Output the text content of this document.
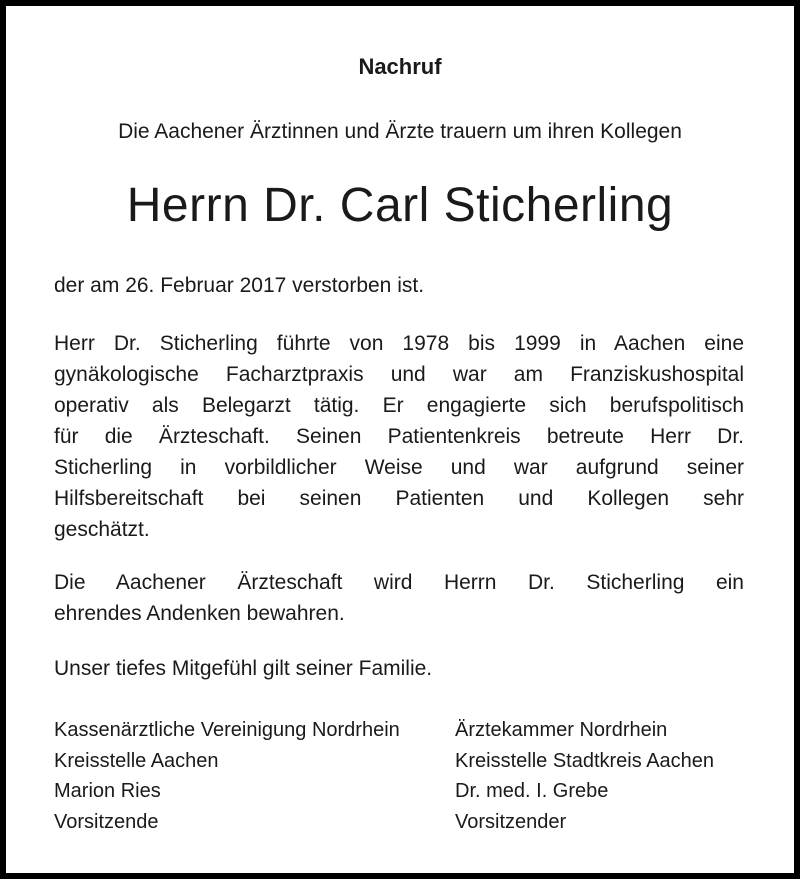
Nachruf
Die Aachener Ärztinnen und Ärzte trauern um ihren Kollegen
Herrn Dr. Carl Sticherling
der am 26. Februar 2017 verstorben ist.
Herr Dr. Sticherling führte von 1978 bis 1999 in Aachen eine
gynäkologische Facharztpraxis und war am Franziskushospital
operativ als Belegarzt tätig. Er engagierte sich berufspolitisch
für die Ärzteschaft. Seinen Patientenkreis betreute Herr Dr.
Sticherling in vorbildlicher Weise und war aufgrund seiner
Hilfsbereitschaft bei seinen Patienten und Kollegen sehr
geschätzt.
Die Aachener Ärzteschaft wird Herrn Dr. Sticherling ein
ehrendes Andenken bewahren.
Unser tiefes Mitgefühl gilt seiner Familie.
Kassenärztliche Vereinigung Nordrhein
Kreisstelle Aachen
Marion Ries
Vorsitzende
Ärztekammer Nordrhein
Kreisstelle Stadtkreis Aachen
Dr. med. I. Grebe
Vorsitzender
